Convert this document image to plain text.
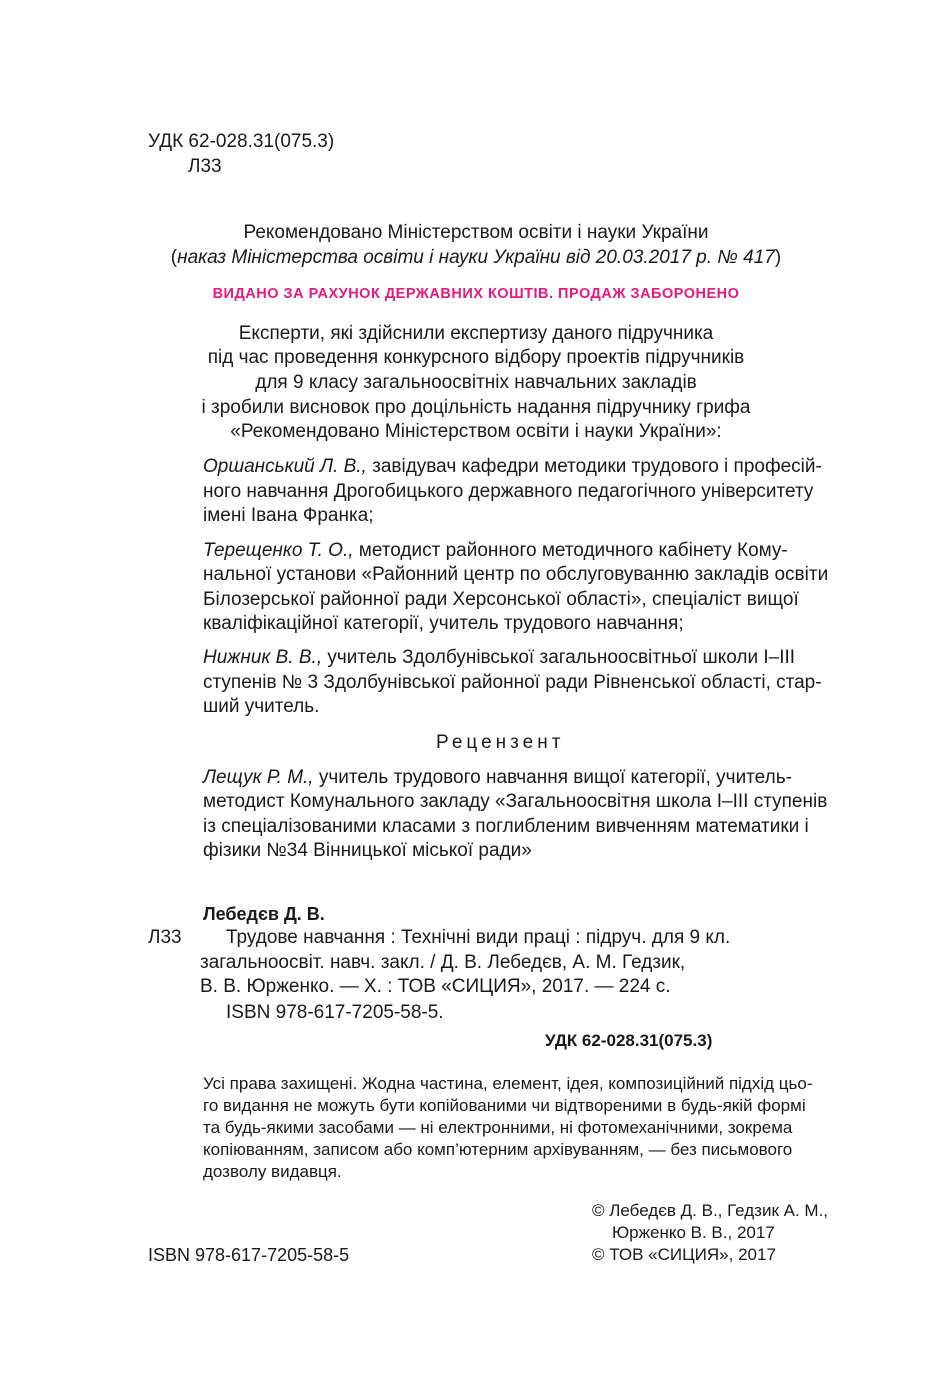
УДК 62-028.31(075.3)
Л33
Рекомендовано Міністерством освіти і науки України
(наказ Міністерства освіти і науки України від 20.03.2017 р. № 417)
ВИДАНО ЗА РАХУНОК ДЕРЖАВНИХ КОШТІВ. ПРОДАЖ ЗАБОРОНЕНО
Експерти, які здійснили експертизу даного підручника
під час проведення конкурсного відбору проектів підручників
для 9 класу загальноосвітніх навчальних закладів
і зробили висновок про доцільність надання підручнику грифа
«Рекомендовано Міністерством освіти і науки України»:
Оршанський Л. В., завідувач кафедри методики трудового і професій-
ного навчання Дрогобицького державного педагогічного університету
імені Івана Франка;
Терещенко Т. О., методист районного методичного кабінету Кому-
нальної установи «Районний центр по обслуговуванню закладів освіти
Білозерської районної ради Херсонської області», спеціаліст вищої
кваліфікаційної категорії, учитель трудового навчання;
Нижник В. В., учитель Здолбунівської загальноосвітньої школи І–ІІІ
ступенів № 3 Здолбунівської районної ради Рівненської області, стар-
ший учитель.
Рецензент
Лещук Р. М., учитель трудового навчання вищої категорії, учитель-
методист Комунального закладу «Загальноосвітня школа І–ІІІ ступенів
із спеціалізованими класами з поглибленим вивченням математики і
фізики №34 Вінницької міської ради»
Лебедєв Д. В.
Л33 Трудове навчання : Технічні види праці : підруч. для 9 кл.
загальноосвіт. навч. закл. / Д. В. Лебедєв, А. М. Гедзик,
В. В. Юрженко. — Х. : ТОВ «СИЦИЯ», 2017. — 224 с.
ISBN 978-617-7205-58-5.
УДК 62-028.31(075.3)
Усі права захищені. Жодна частина, елемент, ідея, композиційний підхід цьо-
го видання не можуть бути копійованими чи відтвореними в будь-якій формі
та будь-якими засобами — ні електронними, ні фотомеханічними, зокрема
копіюванням, записом або комп’ютерним архівуванням, — без письмового
дозволу видавця.
© Лебедєв Д. В., Гедзик А. М.,
Юрженко В. В., 2017
ISBN 978-617-7205-58-5	© ТОВ «СИЦИЯ», 2017
